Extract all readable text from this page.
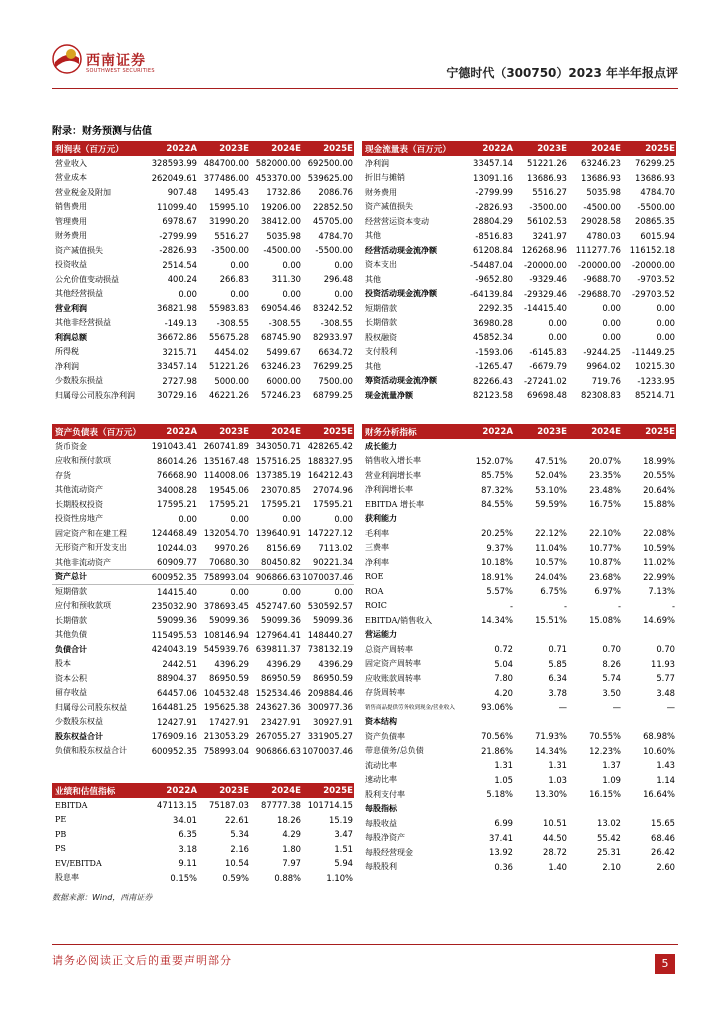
西南证券
SOUTHWEST SECURITIES	宁德时代（300750）2023 年半年报点评
附录：财务预测与估值
利润表（百万元）	2022A	2023E	2024E	2025E
营业收入	328593.99	484700.00	582000.00	692500.00
营业成本	262049.61	377486.00	453370.00	539625.00
营业税金及附加	907.48	1495.43	1732.86	2086.76
销售费用	11099.40	15995.10	19206.00	22852.50
管理费用	6978.67	31990.20	38412.00	45705.00
财务费用	-2799.99	5516.27	5035.98	4784.70
资产减值损失	-2826.93	-3500.00	-4500.00	-5500.00
投资收益	2514.54	0.00	0.00	0.00
公允价值变动损益	400.24	266.83	311.30	296.48
其他经营损益	0.00	0.00	0.00	0.00
营业利润	36821.98	55983.83	69054.46	83242.52
其他非经营损益	-149.13	-308.55	-308.55	-308.55
利润总额	36672.86	55675.28	68745.90	82933.97
所得税	3215.71	4454.02	5499.67	6634.72
净利润	33457.14	51221.26	63246.23	76299.25
少数股东损益	2727.98	5000.00	6000.00	7500.00
归属母公司股东净利润	30729.16	46221.26	57246.23	68799.25
现金流量表（百万元）	2022A	2023E	2024E	2025E
净利润	33457.14	51221.26	63246.23	76299.25
折旧与摊销	13091.16	13686.93	13686.93	13686.93
财务费用	-2799.99	5516.27	5035.98	4784.70
资产减值损失	-2826.93	-3500.00	-4500.00	-5500.00
经营营运资本变动	28804.29	56102.53	29028.58	20865.35
其他	-8516.83	3241.97	4780.03	6015.94
经营活动现金流净额	61208.84	126268.96	111277.76	116152.18
资本支出	-54487.04	-20000.00	-20000.00	-20000.00
其他	-9652.80	-9329.46	-9688.70	-9703.52
投资活动现金流净额	-64139.84	-29329.46	-29688.70	-29703.52
短期借款	2292.35	-14415.40	0.00	0.00
长期借款	36980.28	0.00	0.00	0.00
股权融资	45852.34	0.00	0.00	0.00
支付股利	-1593.06	-6145.83	-9244.25	-11449.25
其他	-1265.47	-6679.79	9964.02	10215.30
筹资活动现金流净额	82266.43	-27241.02	719.76	-1233.95
现金流量净额	82123.58	69698.48	82308.83	85214.71
资产负债表（百万元）	2022A	2023E	2024E	2025E
货币资金	191043.41	260741.89	343050.71	428265.42
应收和预付款项	86014.26	135167.48	157516.25	188327.95
存货	76668.90	114008.06	137385.19	164212.43
其他流动资产	34008.28	19545.06	23070.85	27074.96
长期股权投资	17595.21	17595.21	17595.21	17595.21
投资性房地产	0.00	0.00	0.00	0.00
固定资产和在建工程	124468.49	132054.70	139640.91	147227.12
无形资产和开发支出	10244.03	9970.26	8156.69	7113.02
其他非流动资产	60909.77	70680.30	80450.82	90221.34
资产总计	600952.35	758993.04	906866.63	1070037.46
短期借款	14415.40	0.00	0.00	0.00
应付和预收款项	235032.90	378693.45	452747.60	530592.57
长期借款	59099.36	59099.36	59099.36	59099.36
其他负债	115495.53	108146.94	127964.41	148440.27
负债合计	424043.19	545939.76	639811.37	738132.19
股本	2442.51	4396.29	4396.29	4396.29
资本公积	88904.37	86950.59	86950.59	86950.59
留存收益	64457.06	104532.48	152534.46	209884.46
归属母公司股东权益	164481.25	195625.38	243627.36	300977.36
少数股东权益	12427.91	17427.91	23427.91	30927.91
股东权益合计	176909.16	213053.29	267055.27	331905.27
负债和股东权益合计	600952.35	758993.04	906866.63	1070037.46
财务分析指标	2022A	2023E	2024E	2025E
成长能力				
销售收入增长率	152.07%	47.51%	20.07%	18.99%
营业利润增长率	85.75%	52.04%	23.35%	20.55%
净利润增长率	87.32%	53.10%	23.48%	20.64%
EBITDA 增长率	84.55%	59.59%	16.75%	15.88%
获利能力				
毛利率	20.25%	22.12%	22.10%	22.08%
三费率	9.37%	11.04%	10.77%	10.59%
净利率	10.18%	10.57%	10.87%	11.02%
ROE	18.91%	24.04%	23.68%	22.99%
ROA	5.57%	6.75%	6.97%	7.13%
ROIC	-	-	-	-
EBITDA/销售收入	14.34%	15.51%	15.08%	14.69%
营运能力				
总资产周转率	0.72	0.71	0.70	0.70
固定资产周转率	5.04	5.85	8.26	11.93
应收账款周转率	7.80	6.34	5.74	5.77
存货周转率	4.20	3.78	3.50	3.48
销售商品提供劳务收到现金/营业收入	93.06%	—	—	—
资本结构				
资产负债率	70.56%	71.93%	70.55%	68.98%
带息债务/总负债	21.86%	14.34%	12.23%	10.60%
流动比率	1.31	1.31	1.37	1.43
速动比率	1.05	1.03	1.09	1.14
股利支付率	5.18%	13.30%	16.15%	16.64%
每股指标				
每股收益	6.99	10.51	13.02	15.65
每股净资产	37.41	44.50	55.42	68.46
每股经营现金	13.92	28.72	25.31	26.42
每股股利	0.36	1.40	2.10	2.60
业绩和估值指标	2022A	2023E	2024E	2025E
EBITDA	47113.15	75187.03	87777.38	101714.15
PE	34.01	22.61	18.26	15.19
PB	6.35	5.34	4.29	3.47
PS	3.18	2.16	1.80	1.51
EV/EBITDA	9.11	10.54	7.97	5.94
股息率	0.15%	0.59%	0.88%	1.10%
数据来源：Wind，西南证券
请务必阅读正文后的重要声明部分	5
